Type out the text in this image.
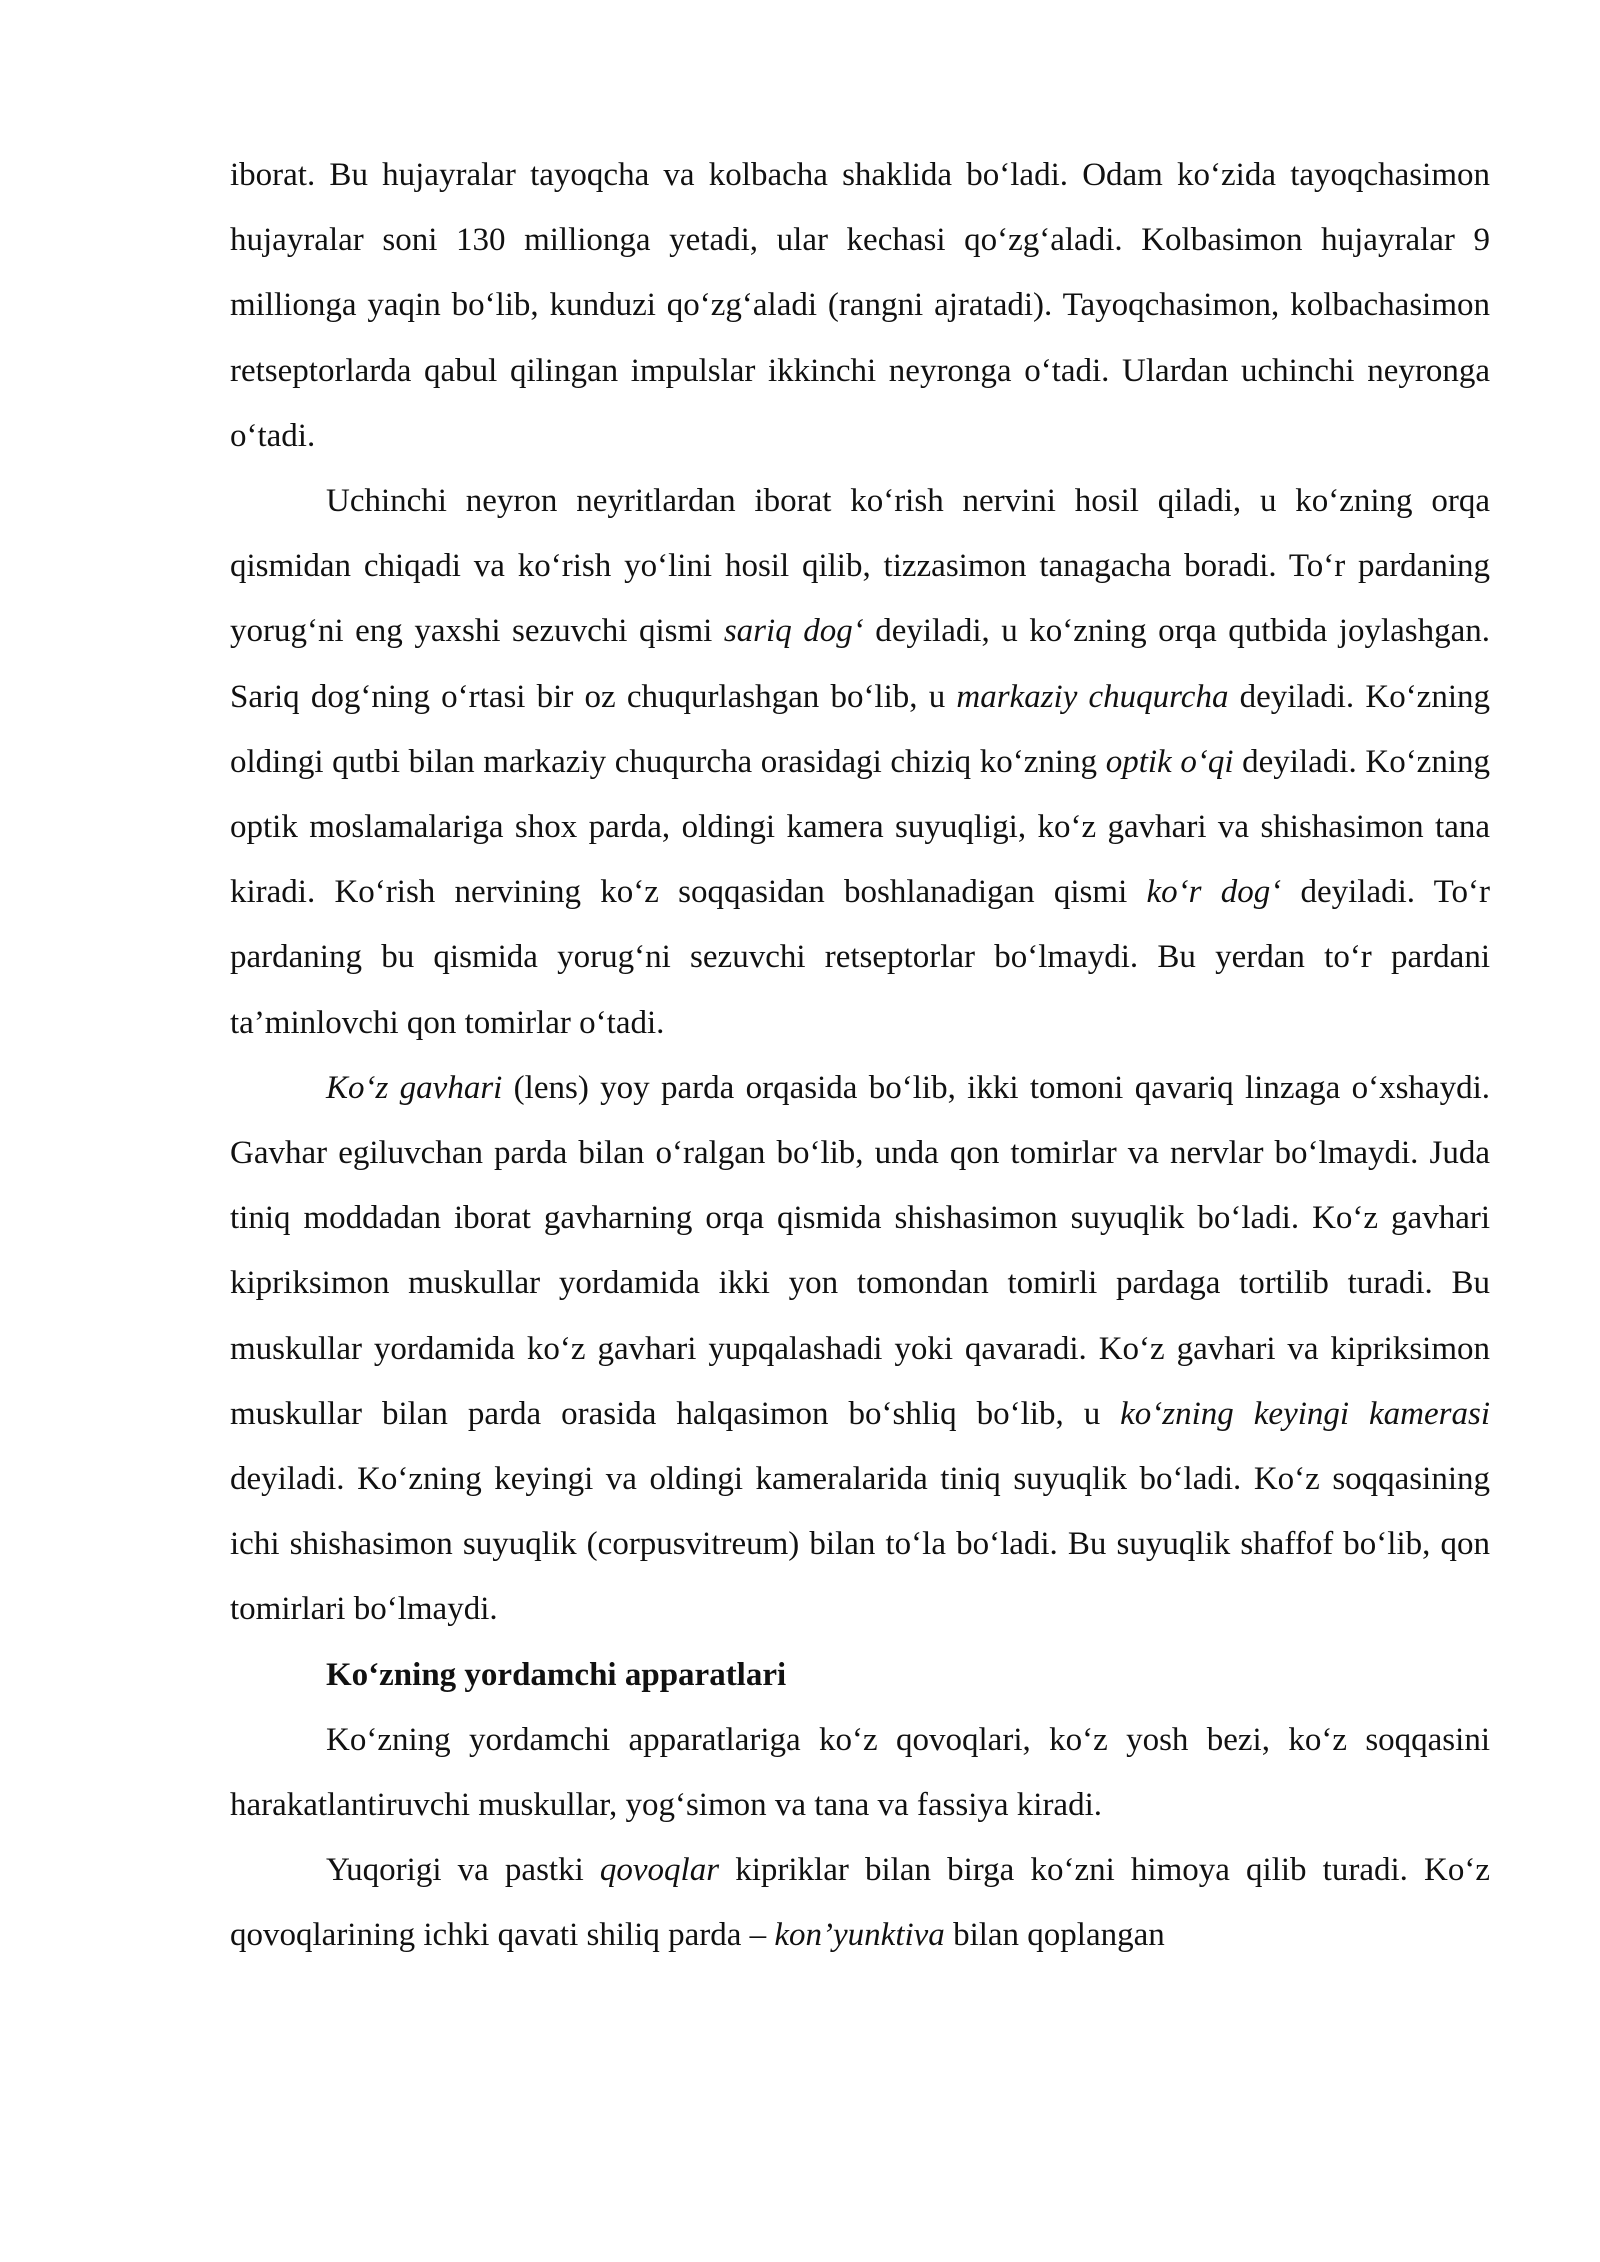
iborat. Bu hujayralar tayoqcha va kolbacha shaklida boʻladi. Odam koʻzida tayoqchasimon hujayralar soni 130 millionga yetadi, ular kechasi qoʻzgʻaladi. Kolbasimon hujayralar 9 millionga yaqin boʻlib, kunduzi qoʻzgʻaladi (rangni ajratadi). Tayoqchasimon, kolbachasimon retseptorlarda qabul qilingan impulslar ikkinchi neyronga oʻtadi. Ulardan uchinchi neyronga oʻtadi.

Uchinchi neyron neyritlardan iborat koʻrish nervini hosil qiladi, u koʻzning orqa qismidan chiqadi va koʻrish yoʻlini hosil qilib, tizzasimon tanagacha boradi. Toʻr pardaning yorugʻni eng yaxshi sezuvchi qismi sariq dogʻ deyiladi, u koʻzning orqa qutbida joylashgan. Sariq dogʻning oʻrtasi bir oz chuqurlashgan boʻlib, u markaziy chuqurcha deyiladi. Koʻzning oldingi qutbi bilan markaziy chuqurcha orasidagi chiziq koʻzning optik oʻqi deyiladi. Koʻzning optik moslamalariga shox parda, oldingi kamera suyuqligi, koʻz gavhari va shishasimon tana kiradi. Koʻrish nervining koʻz soqqasidan boshlanadigan qismi koʻr dogʻ deyiladi. Toʻr pardaning bu qismida yorugʻni sezuvchi retseptorlar boʻlmaydi. Bu yerdan toʻr pardani ta’minlovchi qon tomirlar oʻtadi.

Koʻz gavhari (lens) yoy parda orqasida boʻlib, ikki tomoni qavariq linzaga oʻxshaydi. Gavhar egiluvchan parda bilan oʻralgan boʻlib, unda qon tomirlar va nervlar boʻlmaydi. Juda tiniq moddadan iborat gavharning orqa qismida shishasimon suyuqlik boʻladi. Koʻz gavhari kipriksimon muskullar yordamida ikki yon tomondan tomirli pardaga tortilib turadi. Bu muskullar yordamida koʻz gavhari yupqalashadi yoki qavaradi. Koʻz gavhari va kipriksimon muskullar bilan parda orasida halqasimon boʻshliq boʻlib, u koʻzning keyingi kamerasi deyiladi. Koʻzning keyingi va oldingi kameralarida tiniq suyuqlik boʻladi. Koʻz soqqasining ichi shishasimon suyuqlik (corpusvitreum) bilan toʻla boʻladi. Bu suyuqlik shaffof boʻlib, qon tomirlari boʻlmaydi.

Koʻzning yordamchi apparatlari

Koʻzning yordamchi apparatlariga koʻz qovoqlari, koʻz yosh bezi, koʻz soqqasini harakatlantiruvchi muskullar, yogʻsimon va tana va fassiya kiradi.

Yuqorigi va pastki qovoqlar kipriklar bilan birga koʻzni himoya qilib turadi. Koʻz qovoqlarining ichki qavati shiliq parda – kon’yunktiva bilan qoplangan
